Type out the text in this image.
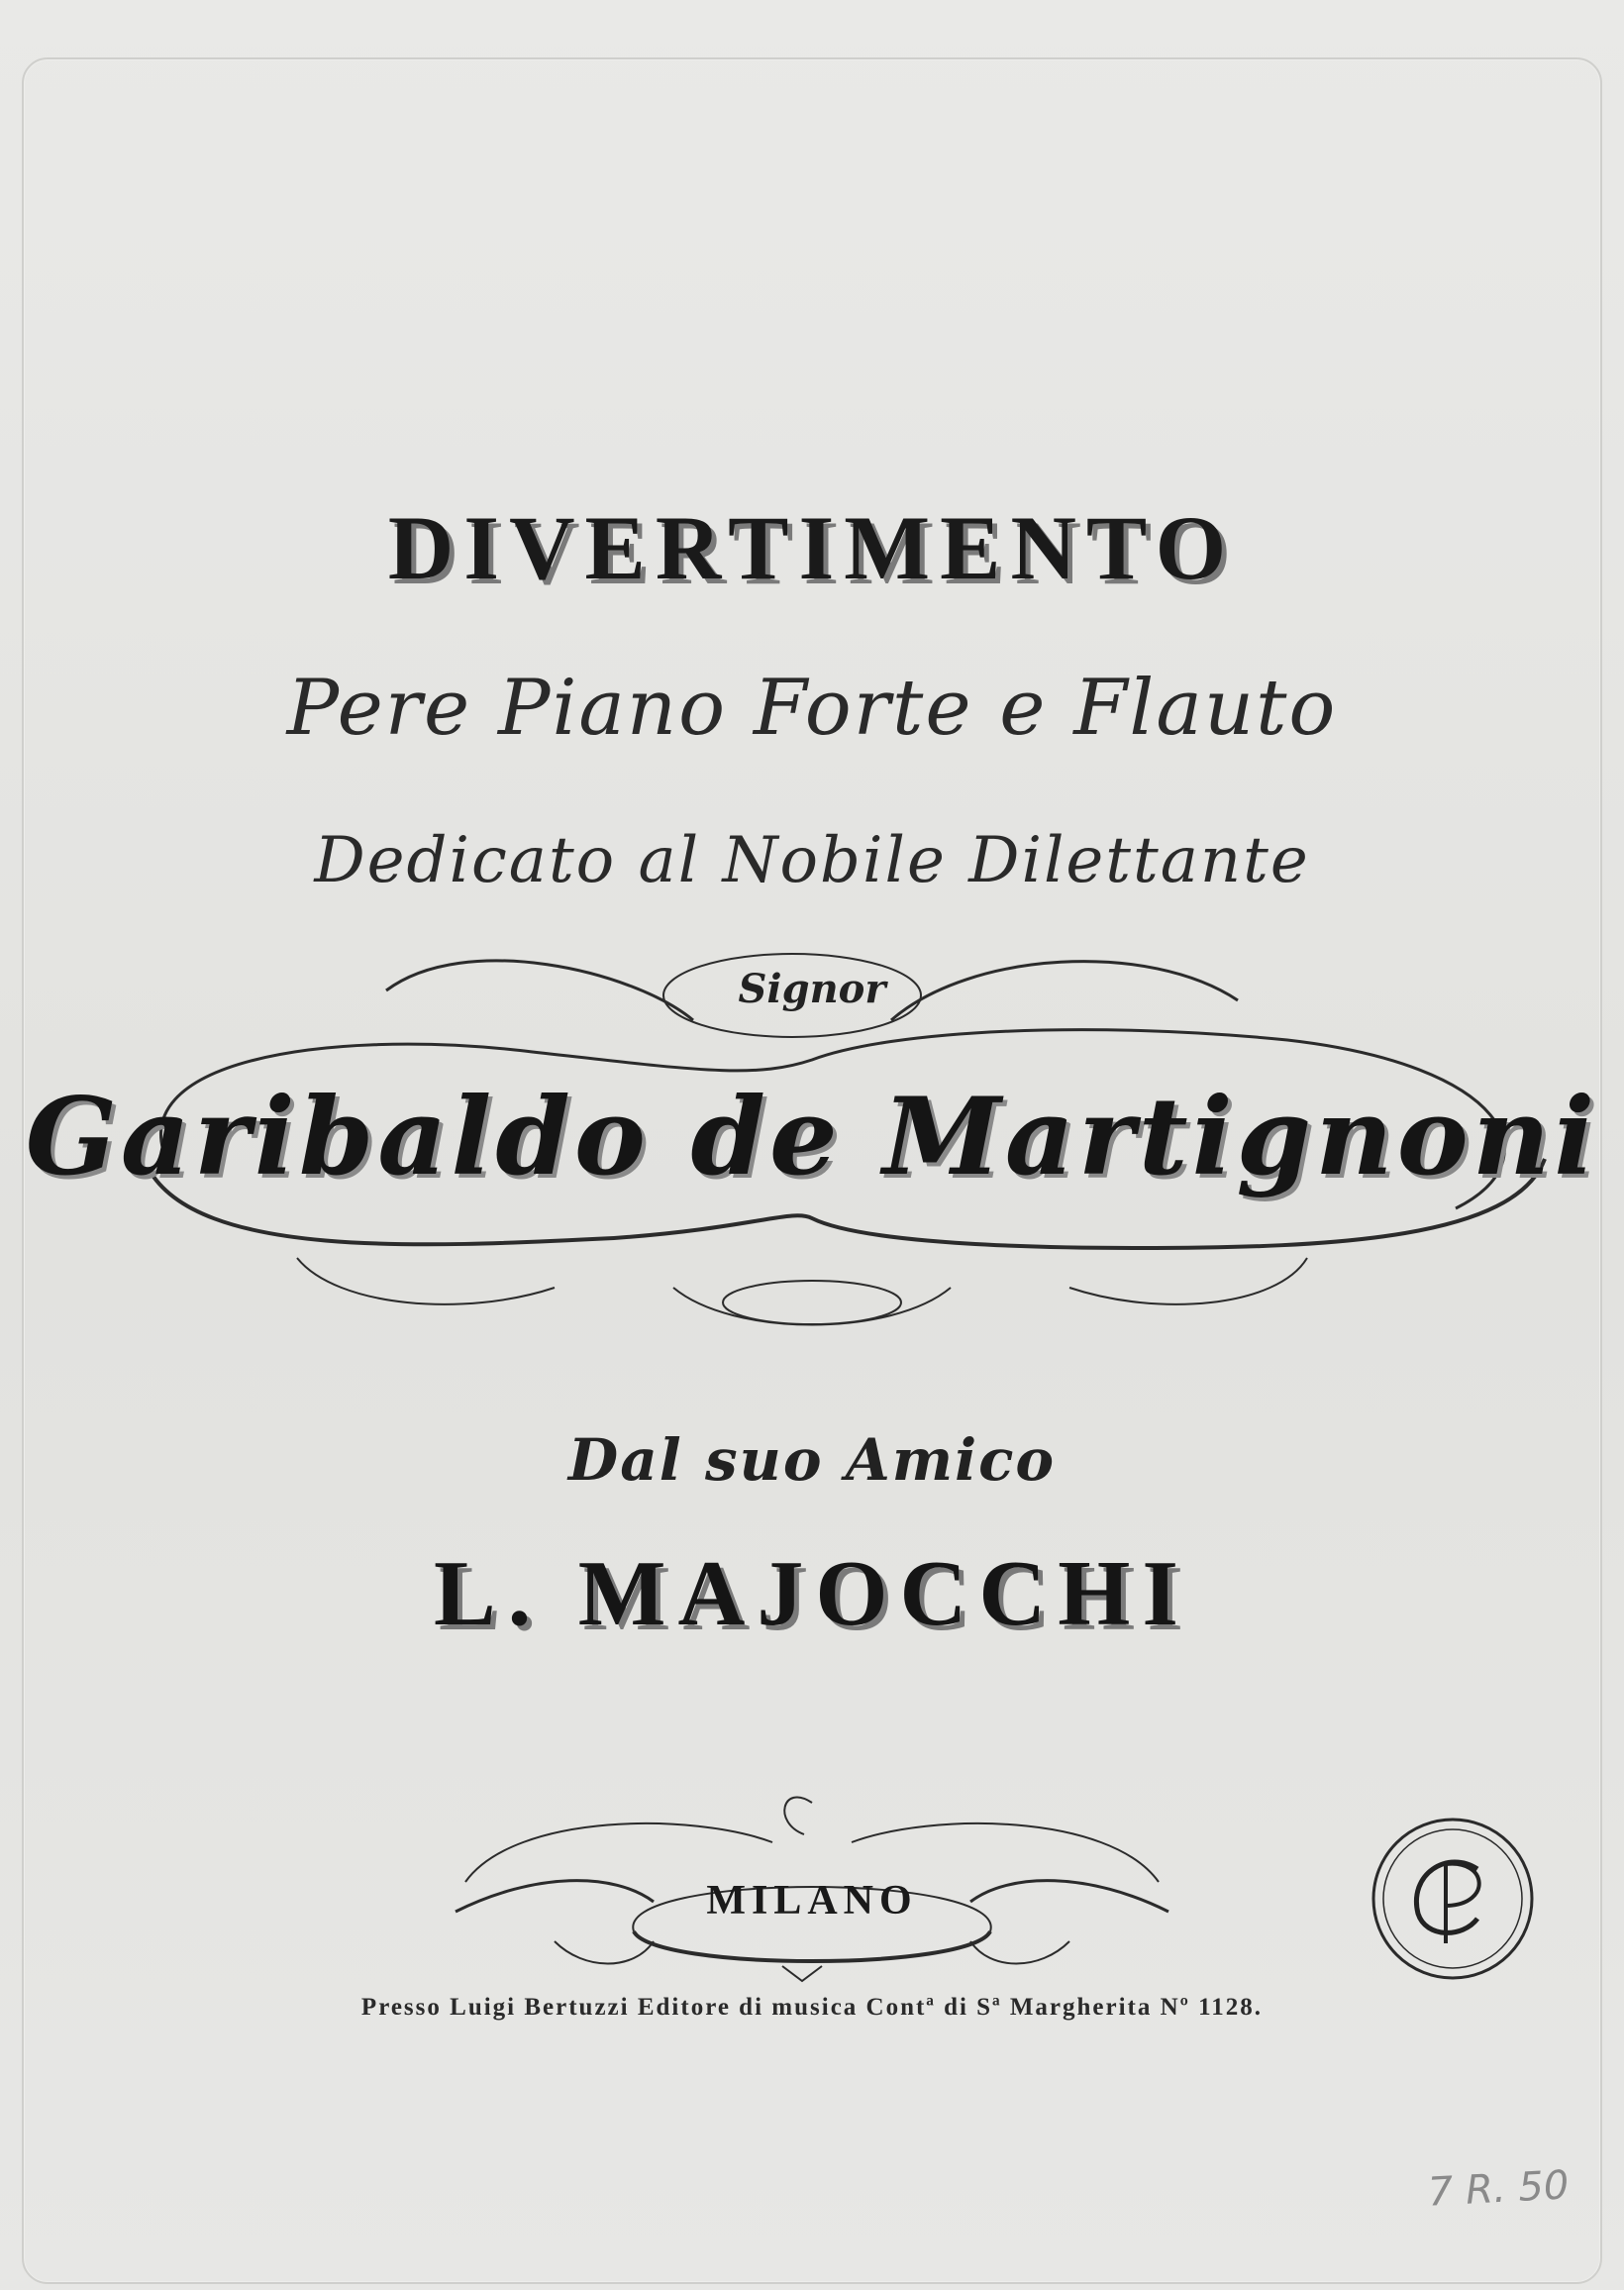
DIVERTIMENTO

Pere Piano Forte e Flauto

Dedicato al Nobile Dilettante

Signor

Garibaldo de Martignoni

Dal suo Amico

L. MAJOCCHI

MILANO

Presso Luigi Bertuzzi Editore di musica Contª di Sª Margherita Nº 1128.

7 R. 50
